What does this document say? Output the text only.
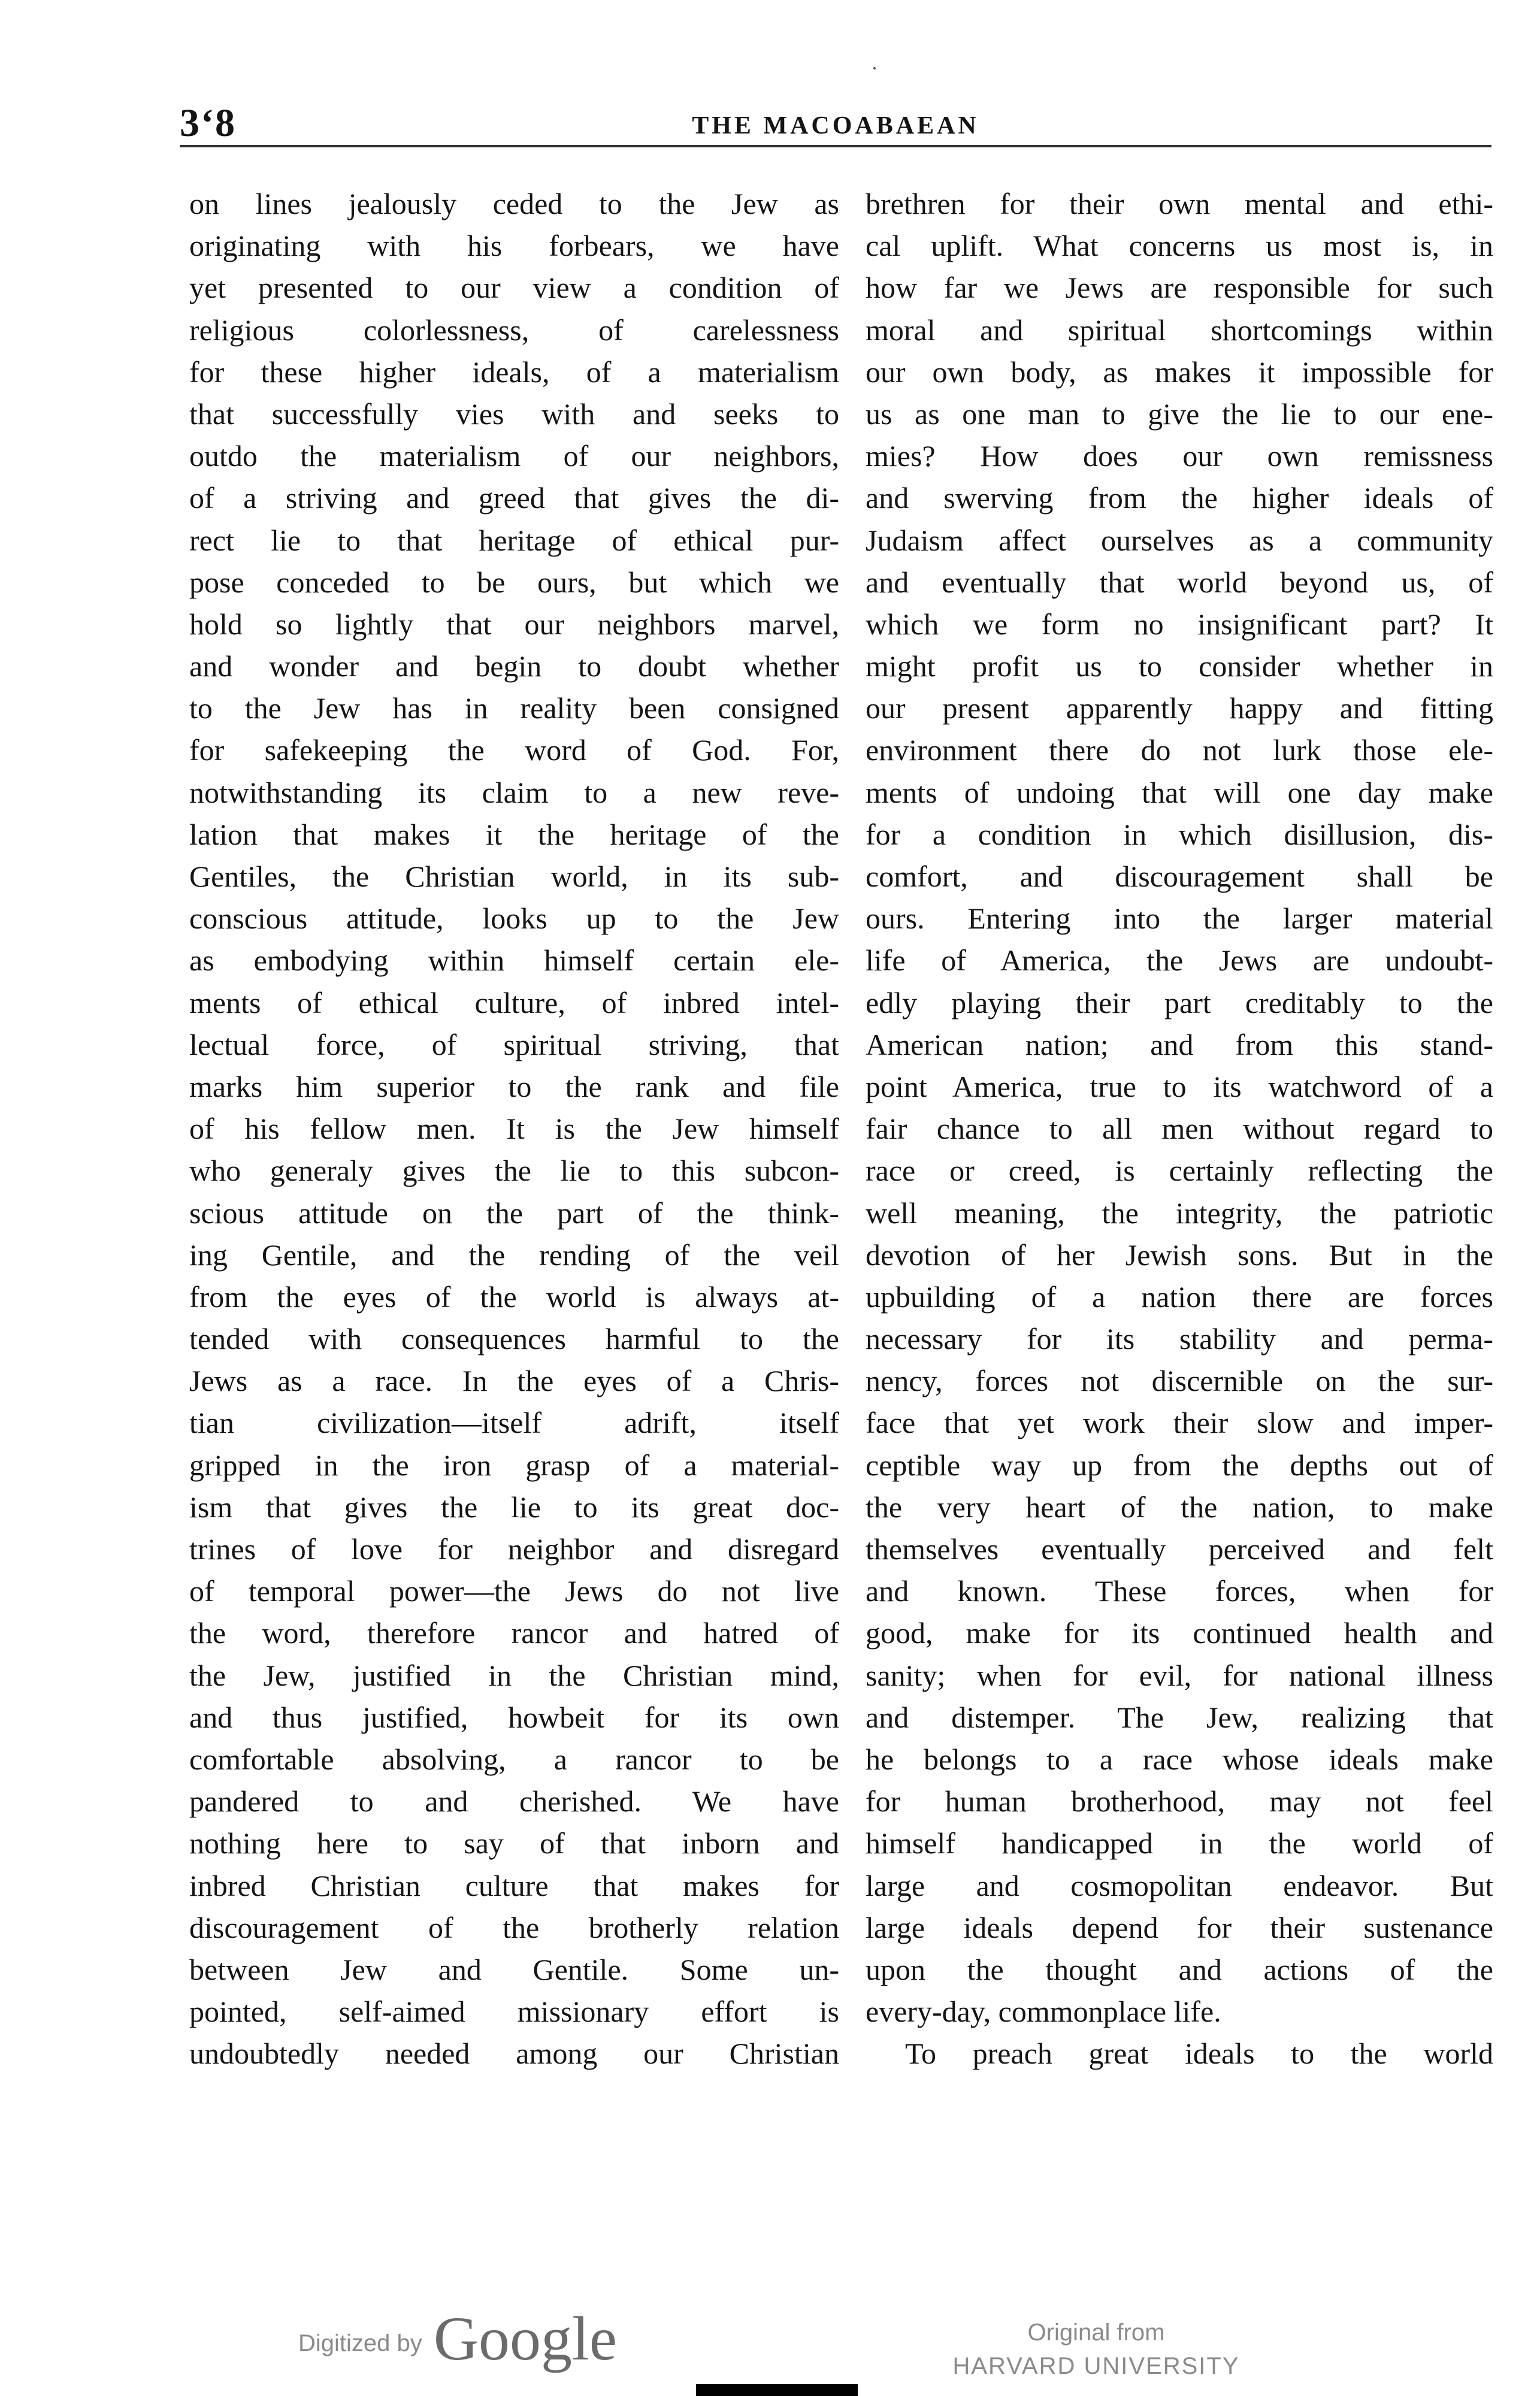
3‘8	THE MACOABAEAN
on lines jealously ceded to the Jew as
originating with his forbears, we have
yet presented to our view a condition of
religious colorlessness, of carelessness
for these higher ideals, of a materialism
that successfully vies with and seeks to
outdo the materialism of our neighbors,
of a striving and greed that gives the di-
rect lie to that heritage of ethical pur-
pose conceded to be ours, but which we
hold so lightly that our neighbors marvel,
and wonder and begin to doubt whether
to the Jew has in reality been consigned
for safekeeping the word of God. For,
notwithstanding its claim to a new reve-
lation that makes it the heritage of the
Gentiles, the Christian world, in its sub-
conscious attitude, looks up to the Jew
as embodying within himself certain ele-
ments of ethical culture, of inbred intel-
lectual force, of spiritual striving, that
marks him superior to the rank and file
of his fellow men. It is the Jew himself
who generaly gives the lie to this subcon-
scious attitude on the part of the think-
ing Gentile, and the rending of the veil
from the eyes of the world is always at-
tended with consequences harmful to the
Jews as a race. In the eyes of a Chris-
tian civilization—itself adrift, itself
gripped in the iron grasp of a material-
ism that gives the lie to its great doc-
trines of love for neighbor and disregard
of temporal power—the Jews do not live
the word, therefore rancor and hatred of
the Jew, justified in the Christian mind,
and thus justified, howbeit for its own
comfortable absolving, a rancor to be
pandered to and cherished. We have
nothing here to say of that inborn and
inbred Christian culture that makes for
discouragement of the brotherly relation
between Jew and Gentile. Some un-
pointed, self-aimed missionary effort is
undoubtedly needed among our Christian
brethren for their own mental and ethi-
cal uplift. What concerns us most is, in
how far we Jews are responsible for such
moral and spiritual shortcomings within
our own body, as makes it impossible for
us as one man to give the lie to our ene-
mies? How does our own remissness
and swerving from the higher ideals of
Judaism affect ourselves as a community
and eventually that world beyond us, of
which we form no insignificant part? It
might profit us to consider whether in
our present apparently happy and fitting
environment there do not lurk those ele-
ments of undoing that will one day make
for a condition in which disillusion, dis-
comfort, and discouragement shall be
ours. Entering into the larger material
life of America, the Jews are undoubt-
edly playing their part creditably to the
American nation; and from this stand-
point America, true to its watchword of a
fair chance to all men without regard to
race or creed, is certainly reflecting the
well meaning, the integrity, the patriotic
devotion of her Jewish sons. But in the
upbuilding of a nation there are forces
necessary for its stability and perma-
nency, forces not discernible on the sur-
face that yet work their slow and imper-
ceptible way up from the depths out of
the very heart of the nation, to make
themselves eventually perceived and felt
and known. These forces, when for
good, make for its continued health and
sanity; when for evil, for national illness
and distemper. The Jew, realizing that
he belongs to a race whose ideals make
for human brotherhood, may not feel
himself handicapped in the world of
large and cosmopolitan endeavor. But
large ideals depend for their sustenance
upon the thought and actions of the
every-day, commonplace life.
To preach great ideals to the world
Digitized by Google	Original from
HARVARD UNIVERSITY
